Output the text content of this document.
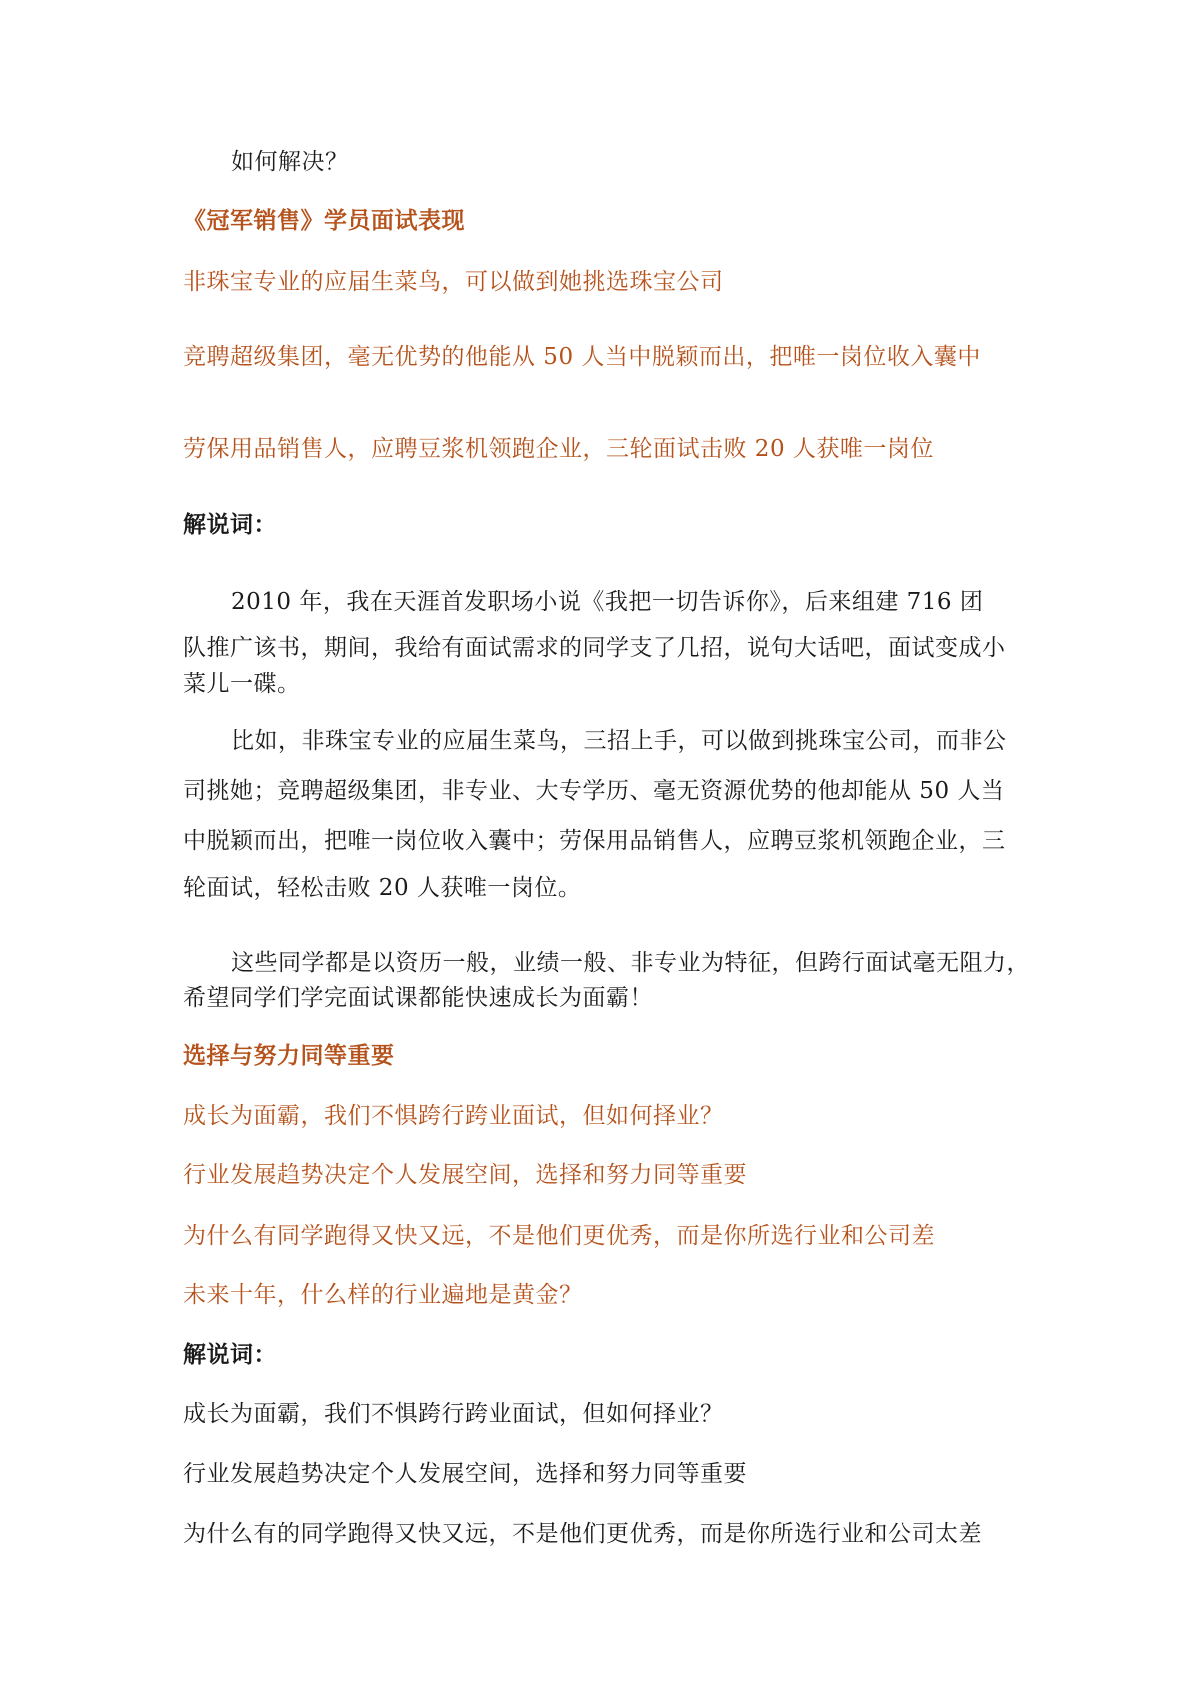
如何解决？
《冠军销售》学员面试表现
非珠宝专业的应届生菜鸟，可以做到她挑选珠宝公司
竞聘超级集团，毫无优势的他能从 50 人当中脱颖而出，把唯一岗位收入囊中
劳保用品销售人，应聘豆浆机领跑企业，三轮面试击败 20 人获唯一岗位
解说词：
2010 年，我在天涯首发职场小说《我把一切告诉你》，后来组建 716 团
队推广该书，期间，我给有面试需求的同学支了几招，说句大话吧，面试变成小
菜儿一碟。
比如，非珠宝专业的应届生菜鸟，三招上手，可以做到挑珠宝公司，而非公
司挑她；竞聘超级集团，非专业、大专学历、毫无资源优势的他却能从 50 人当
中脱颖而出，把唯一岗位收入囊中；劳保用品销售人，应聘豆浆机领跑企业，三
轮面试，轻松击败 20 人获唯一岗位。
这些同学都是以资历一般，业绩一般、非专业为特征，但跨行面试毫无阻力，
希望同学们学完面试课都能快速成长为面霸！
选择与努力同等重要
成长为面霸，我们不惧跨行跨业面试，但如何择业？
行业发展趋势决定个人发展空间，选择和努力同等重要
为什么有同学跑得又快又远，不是他们更优秀，而是你所选行业和公司差
未来十年，什么样的行业遍地是黄金？
解说词：
成长为面霸，我们不惧跨行跨业面试，但如何择业？
行业发展趋势决定个人发展空间，选择和努力同等重要
为什么有的同学跑得又快又远，不是他们更优秀，而是你所选行业和公司太差
